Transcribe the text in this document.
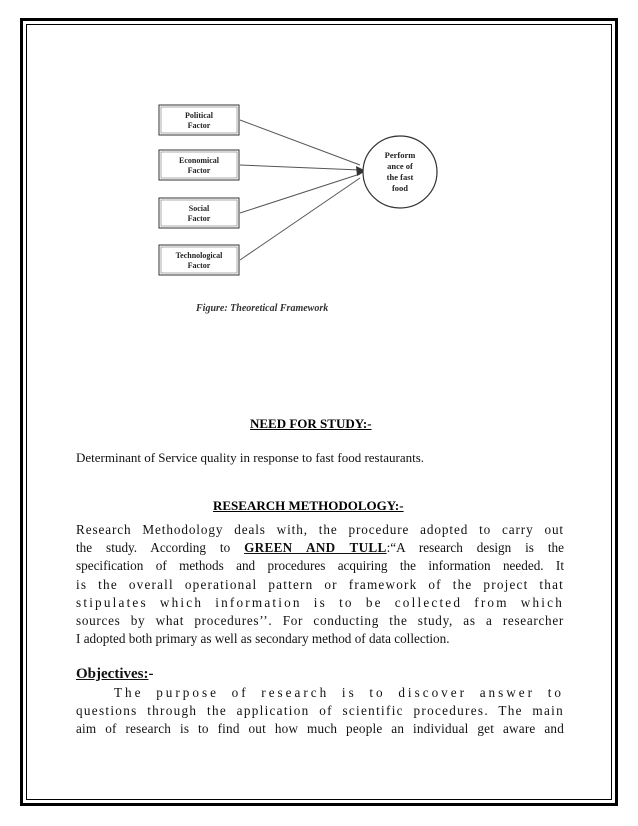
Political
Factor
Economical
Factor
Social
Factor
Technological
Factor
Perform
ance of
the fast
food
Figure: Theoretical Framework
NEED FOR STUDY:-
Determinant of Service quality in response to fast food restaurants.
RESEARCH METHODOLOGY:-
Research Methodology deals with, the procedure adopted to carry out
the study. According to GREEN AND TULL:“A research design is the
specification of methods and procedures acquiring the information needed. It
is the overall operational pattern or framework of the project that
stipulates which information is to be collected from which
sources by what procedures’’. For conducting the study, as a researcher
I adopted both primary as well as secondary method of data collection.
Objectives:-
The purpose of research is to discover answer to
questions through the application of scientific procedures. The main
aim of research is to find out how much people an individual get aware and
